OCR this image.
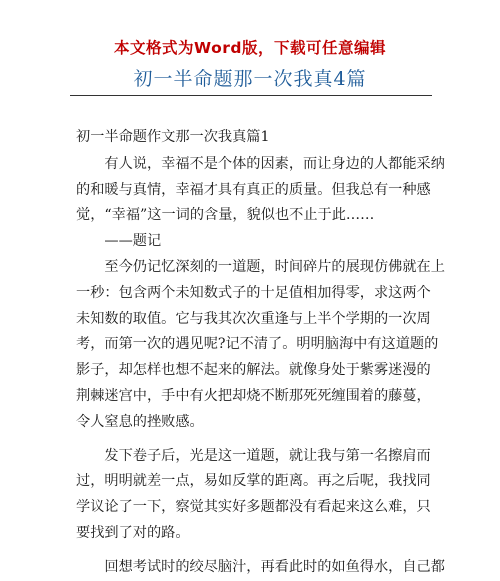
本文格式为Word版，下载可任意编辑
初一半命题那一次我真4篇

初一半命题作文那一次我真篇1

有人说，幸福不是个体的因素，而让身边的人都能采纳
的和暖与真情，幸福才具有真正的质量。但我总有一种感
觉，“幸福”这一词的含量，貌似也不止于此……

——题记

至今仍记忆深刻的一道题，时间碎片的展现仿佛就在上
一秒：包含两个未知数式子的十足值相加得零，求这两个
未知数的取值。它与我其次次重逢与上半个学期的一次周
考，而第一次的遇见呢?记不清了。明明脑海中有这道题的
影子，却怎样也想不起来的解法。就像身处于紫雾迷漫的
荆棘迷宫中，手中有火把却烧不断那死死缠围着的藤蔓，
令人窒息的挫败感。

发下卷子后，光是这一道题，就让我与第一名擦肩而
过，明明就差一点，易如反掌的距离。再之后呢，我找同
学议论了一下，察觉其实好多题都没有看起来这么难，只
要找到了对的路。

回想考试时的绞尽脑汁，再看此时的如鱼得水，自己都
